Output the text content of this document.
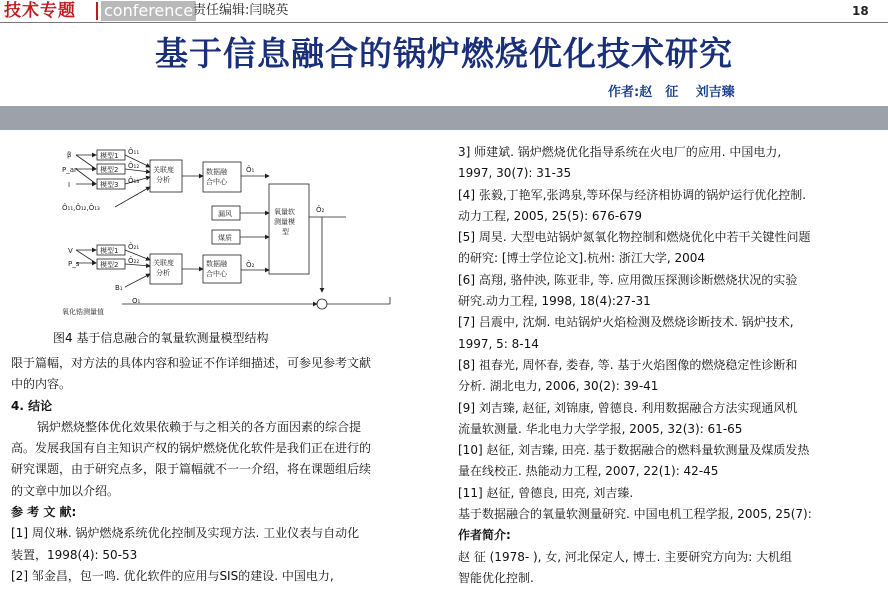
技术专题 conference 责任编辑:闫晓英	18
基于信息融合的锅炉燃烧优化技术研究
作者:赵　征　 刘吉臻
β
P_ar
I
模型1
模型2
模型3
Ô₁₁
Ô₁₂
Ô₁₃
关联度分析
数据融合中心
Ô₁
Ô₁₁,Ô₁₂,Ô₁₃
漏风
煤质
氧量软测量模型
Ô₂
V
P_s
模型1
模型2
Ô₂₁
Ô₂₂
B₁
关联度分析
数据融合中心
Ô₂
O₁
氧化锆测量值
图4 基于信息融合的氧量软测量模型结构
限于篇幅，对方法的具体内容和验证不作详细描述，可参见参考文献
中的内容。
4. 结论
锅炉燃烧整体优化效果依赖于与之相关的各方面因素的综合提
高。发展我国有自主知识产权的锅炉燃烧优化软件是我们正在进行的
研究课题，由于研究点多，限于篇幅就不一一介绍，将在课题组后续
的文章中加以介绍。
参 考 文 献:
[1] 周仪琳. 锅炉燃烧系统优化控制及实现方法. 工业仪表与自动化
装置，1998(4): 50-53
[2] 邹金昌，包一鸣. 优化软件的应用与SIS的建设. 中国电力,
3] 师建斌. 锅炉燃烧优化指导系统在火电厂的应用. 中国电力,
1997, 30(7): 31-35
[4] 张毅,丁艳军,张鸿泉,等环保与经济相协调的锅炉运行优化控制.
动力工程, 2005, 25(5): 676-679
[5] 周昊. 大型电站锅炉氮氧化物控制和燃烧优化中若干关键性问题
的研究: [博士学位论文].杭州: 浙江大学, 2004
[6] 高翔, 骆仲泱, 陈亚非, 等. 应用微压探测诊断燃烧状况的实验
研究.动力工程, 1998, 18(4):27-31
[7] 吕震中, 沈炯. 电站锅炉火焰检测及燃烧诊断技术. 锅炉技术,
1997, 5: 8-14
[8] 祖春光, 周怀春, 娄春, 等. 基于火焰图像的燃烧稳定性诊断和
分析. 湖北电力, 2006, 30(2): 39-41
[9] 刘吉臻, 赵征, 刘锦康, 曾德良. 利用数据融合方法实现通风机
流量软测量. 华北电力大学学报, 2005, 32(3): 61-65
[10] 赵征, 刘吉臻, 田亮. 基于数据融合的燃料量软测量及煤质发热
量在线校正. 热能动力工程, 2007, 22(1): 42-45
[11] 赵征, 曾德良, 田亮, 刘吉臻.
基于数据融合的氧量软测量研究. 中国电机工程学报, 2005, 25(7):
作者简介:
赵 征 (1978- ), 女, 河北保定人, 博士. 主要研究方向为: 大机组
智能优化控制.
